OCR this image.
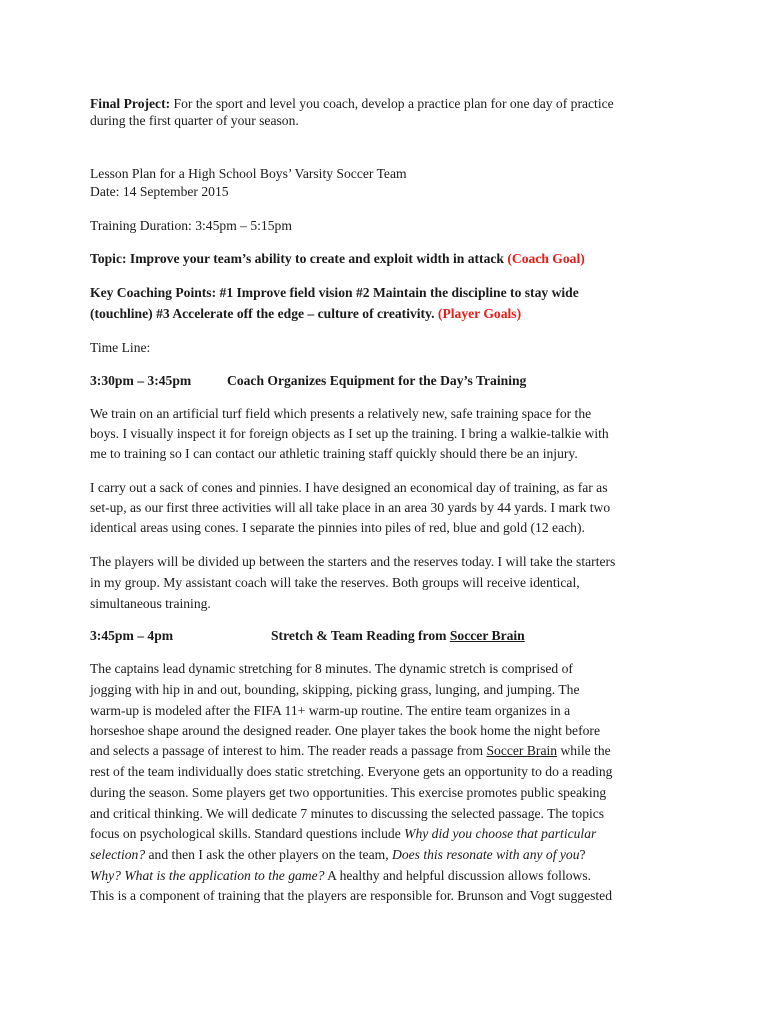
Final Project: For the sport and level you coach, develop a practice plan for one day of practice
during the first quarter of your season.
Lesson Plan for a High School Boys’ Varsity Soccer Team
Date: 14 September 2015
Training Duration: 3:45pm – 5:15pm
Topic: Improve your team’s ability to create and exploit width in attack (Coach Goal)
Key Coaching Points: #1 Improve field vision #2 Maintain the discipline to stay wide
(touchline) #3 Accelerate off the edge – culture of creativity. (Player Goals)
Time Line:
3:30pm – 3:45pm	Coach Organizes Equipment for the Day’s Training
We train on an artificial turf field which presents a relatively new, safe training space for the
boys. I visually inspect it for foreign objects as I set up the training. I bring a walkie-talkie with
me to training so I can contact our athletic training staff quickly should there be an injury.
I carry out a sack of cones and pinnies. I have designed an economical day of training, as far as
set-up, as our first three activities will all take place in an area 30 yards by 44 yards. I mark two
identical areas using cones. I separate the pinnies into piles of red, blue and gold (12 each).
The players will be divided up between the starters and the reserves today. I will take the starters
in my group. My assistant coach will take the reserves. Both groups will receive identical,
simultaneous training.
3:45pm – 4pm	Stretch & Team Reading from Soccer Brain
The captains lead dynamic stretching for 8 minutes. The dynamic stretch is comprised of
jogging with hip in and out, bounding, skipping, picking grass, lunging, and jumping. The
warm-up is modeled after the FIFA 11+ warm-up routine. The entire team organizes in a
horseshoe shape around the designed reader. One player takes the book home the night before
and selects a passage of interest to him. The reader reads a passage from Soccer Brain while the
rest of the team individually does static stretching. Everyone gets an opportunity to do a reading
during the season. Some players get two opportunities. This exercise promotes public speaking
and critical thinking. We will dedicate 7 minutes to discussing the selected passage. The topics
focus on psychological skills. Standard questions include Why did you choose that particular
selection? and then I ask the other players on the team, Does this resonate with any of you?
Why? What is the application to the game? A healthy and helpful discussion allows follows.
This is a component of training that the players are responsible for. Brunson and Vogt suggested
